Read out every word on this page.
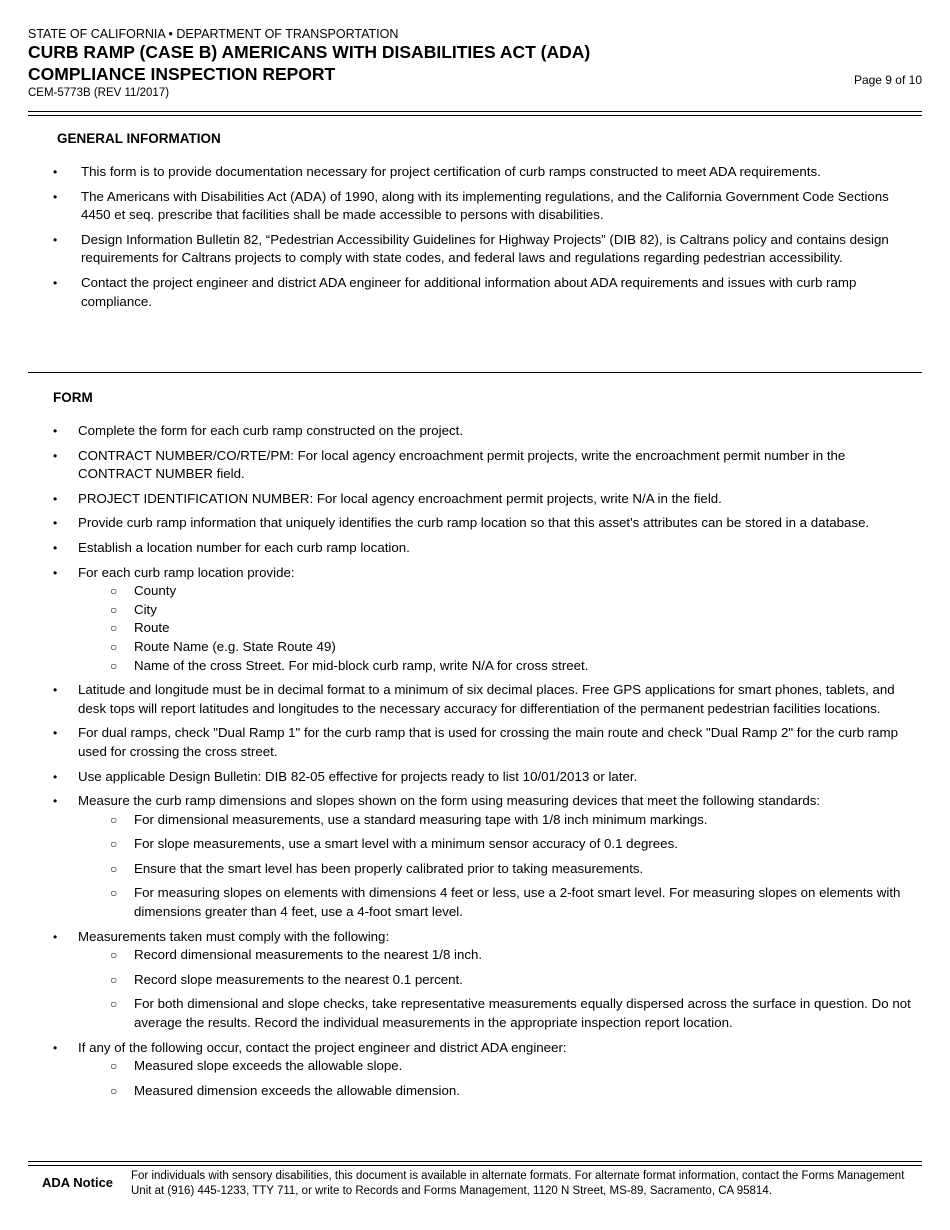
STATE OF CALIFORNIA • DEPARTMENT OF TRANSPORTATION
CURB RAMP (CASE B) AMERICANS WITH DISABILITIES ACT (ADA)
COMPLIANCE INSPECTION REPORT
CEM-5773B (REV 11/2017)
Page 9 of 10
GENERAL INFORMATION
• This form is to provide documentation necessary for project certification of curb ramps constructed to meet ADA requirements.
• The Americans with Disabilities Act (ADA) of 1990, along with its implementing regulations, and the California Government Code Sections 4450 et seq. prescribe that facilities shall be made accessible to persons with disabilities.
• Design Information Bulletin 82, “Pedestrian Accessibility Guidelines for Highway Projects” (DIB 82), is Caltrans policy and contains design requirements for Caltrans projects to comply with state codes, and federal laws and regulations regarding pedestrian accessibility.
• Contact the project engineer and district ADA engineer for additional information about ADA requirements and issues with curb ramp compliance.
FORM
• Complete the form for each curb ramp constructed on the project.
• CONTRACT NUMBER/CO/RTE/PM: For local agency encroachment permit projects, write the encroachment permit number in the CONTRACT NUMBER field.
• PROJECT IDENTIFICATION NUMBER: For local agency encroachment permit projects, write N/A in the field.
• Provide curb ramp information that uniquely identifies the curb ramp location so that this asset's attributes can be stored in a database.
• Establish a location number for each curb ramp location.
• For each curb ramp location provide:
○ County
○ City
○ Route
○ Route Name (e.g. State Route 49)
○ Name of the cross Street. For mid-block curb ramp, write N/A for cross street.
• Latitude and longitude must be in decimal format to a minimum of six decimal places. Free GPS applications for smart phones, tablets, and desk tops will report latitudes and longitudes to the necessary accuracy for differentiation of the permanent pedestrian facilities locations.
• For dual ramps, check "Dual Ramp 1" for the curb ramp that is used for crossing the main route and check "Dual Ramp 2" for the curb ramp used for crossing the cross street.
• Use applicable Design Bulletin: DIB 82-05 effective for projects ready to list 10/01/2013 or later.
• Measure the curb ramp dimensions and slopes shown on the form using measuring devices that meet the following standards:
○ For dimensional measurements, use a standard measuring tape with 1/8 inch minimum markings.
○ For slope measurements, use a smart level with a minimum sensor accuracy of 0.1 degrees.
○ Ensure that the smart level has been properly calibrated prior to taking measurements.
○ For measuring slopes on elements with dimensions 4 feet or less, use a 2-foot smart level. For measuring slopes on elements with dimensions greater than 4 feet, use a 4-foot smart level.
• Measurements taken must comply with the following:
○ Record dimensional measurements to the nearest 1/8 inch.
○ Record slope measurements to the nearest 0.1 percent.
○ For both dimensional and slope checks, take representative measurements equally dispersed across the surface in question. Do not average the results. Record the individual measurements in the appropriate inspection report location.
• If any of the following occur, contact the project engineer and district ADA engineer:
○ Measured slope exceeds the allowable slope.
○ Measured dimension exceeds the allowable dimension.
ADA Notice For individuals with sensory disabilities, this document is available in alternate formats. For alternate format information, contact the Forms Management Unit at (916) 445-1233, TTY 711, or write to Records and Forms Management, 1120 N Street, MS-89, Sacramento, CA 95814.
